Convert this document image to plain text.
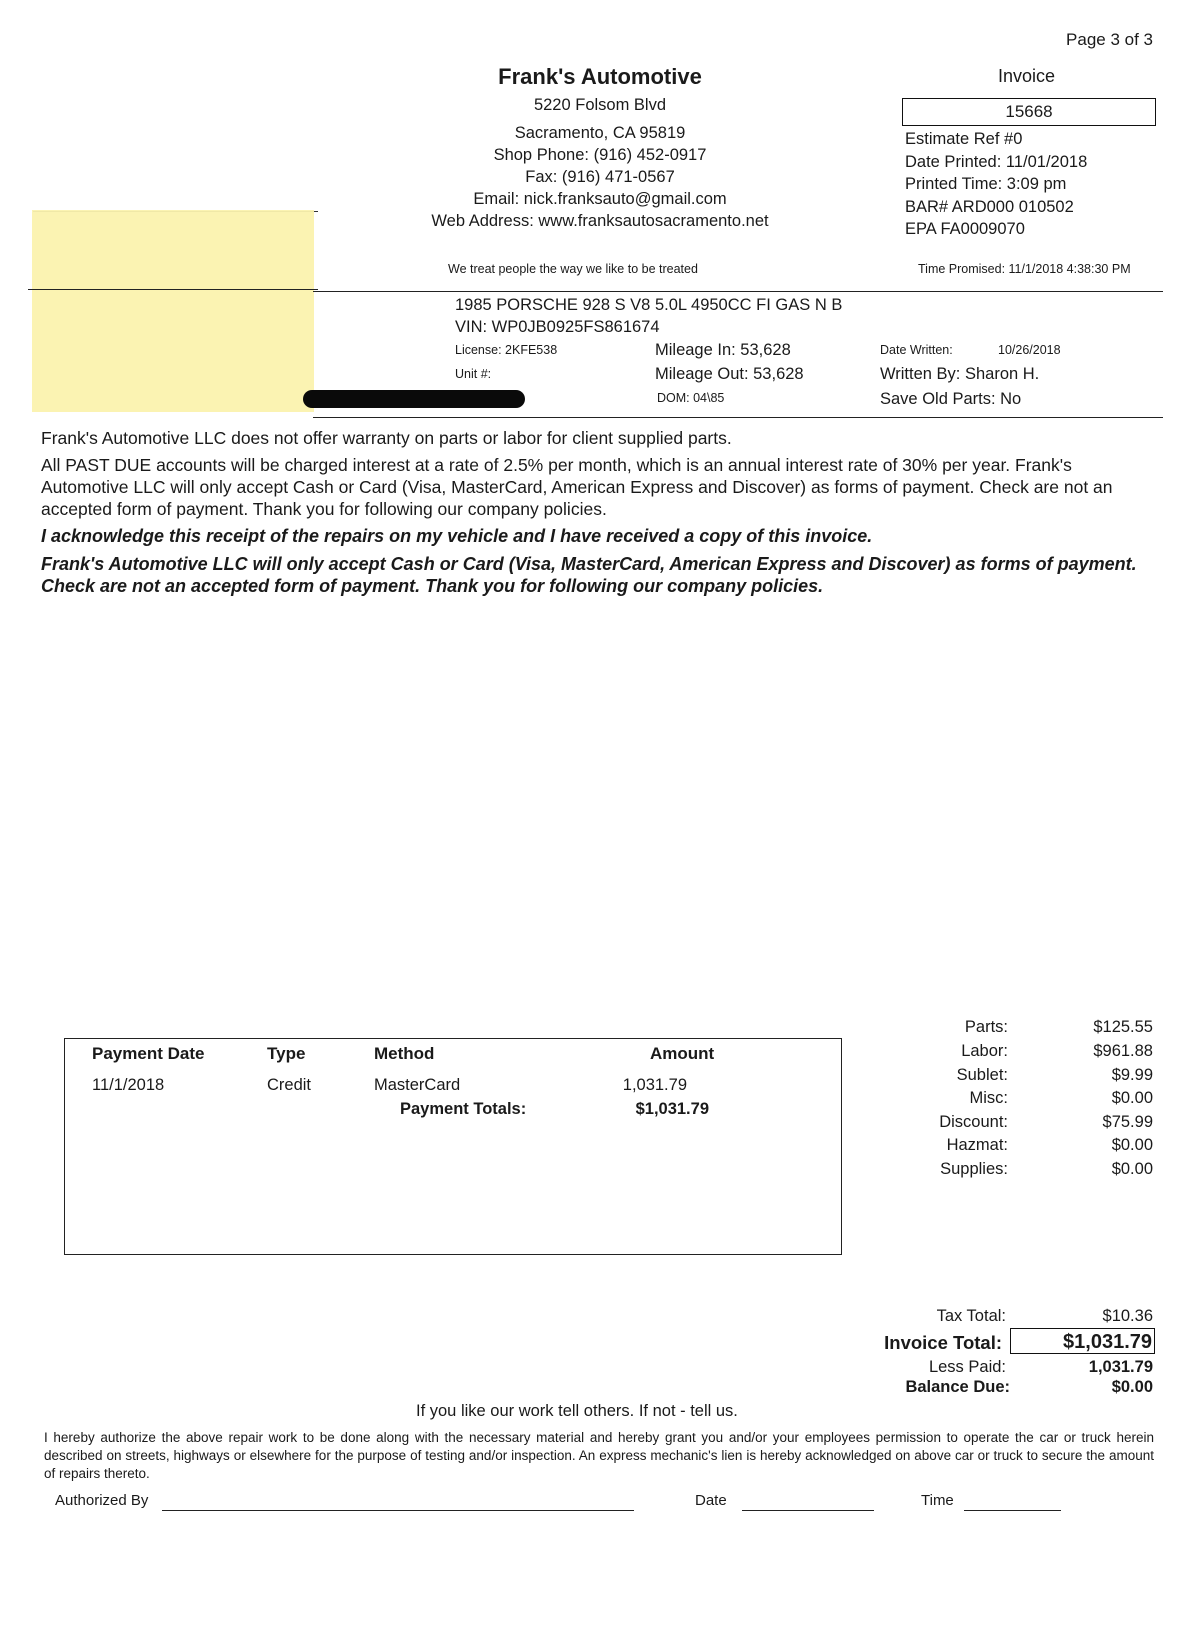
Page 3 of 3
Frank's Automotive
5220 Folsom Blvd
Sacramento, CA 95819
Shop Phone: (916) 452-0917
Fax: (916) 471-0567
Email: nick.franksauto@gmail.com
Web Address: www.franksautosacramento.net
We treat people the way we like to be treated
Invoice
15668
Estimate Ref #0
Date Printed: 11/01/2018
Printed Time: 3:09 pm
BAR# ARD000 010502
EPA FA0009070
Time Promised: 11/1/2018 4:38:30 PM
1985 PORSCHE 928 S V8 5.0L 4950CC FI GAS N B
VIN: WP0JB0925FS861674
License: 2KFE538
Unit #:
Mileage In: 53,628
Mileage Out: 53,628
DOM: 04\85
Date Written:	10/26/2018
Written By: Sharon H.
Save Old Parts: No

Frank's Automotive LLC does not offer warranty on parts or labor for client supplied parts.

All PAST DUE accounts will be charged interest at a rate of 2.5% per month, which is an annual interest rate of 30% per year. Frank's Automotive LLC will only accept Cash or Card (Visa, MasterCard, American Express and Discover) as forms of payment. Check are not an accepted form of payment. Thank you for following our company policies.

I acknowledge this receipt of the repairs on my vehicle and I have received a copy of this invoice.

Frank's Automotive LLC will only accept Cash or Card (Visa, MasterCard, American Express and Discover) as forms of payment. Check are not an accepted form of payment. Thank you for following our company policies.

Payment Date	Type	Method	Amount
11/1/2018	Credit	MasterCard	1,031.79
Payment Totals:	$1,031.79
Parts:	$125.55
Labor:	$961.88
Sublet:	$9.99
Misc:	$0.00
Discount:	$75.99
Hazmat:	$0.00
Supplies:	$0.00
Tax Total:	$10.36
Invoice Total:	$1,031.79
Less Paid:	1,031.79
Balance Due:	$0.00
If you like our work tell others. If not - tell us.
I hereby authorize the above repair work to be done along with the necessary material and hereby grant you and/or your employees permission to operate the car or truck herein described on streets, highways or elsewhere for the purpose of testing and/or inspection. An express mechanic's lien is hereby acknowledged on above car or truck to secure the amount of repairs thereto.
Authorized By	Date	Time
